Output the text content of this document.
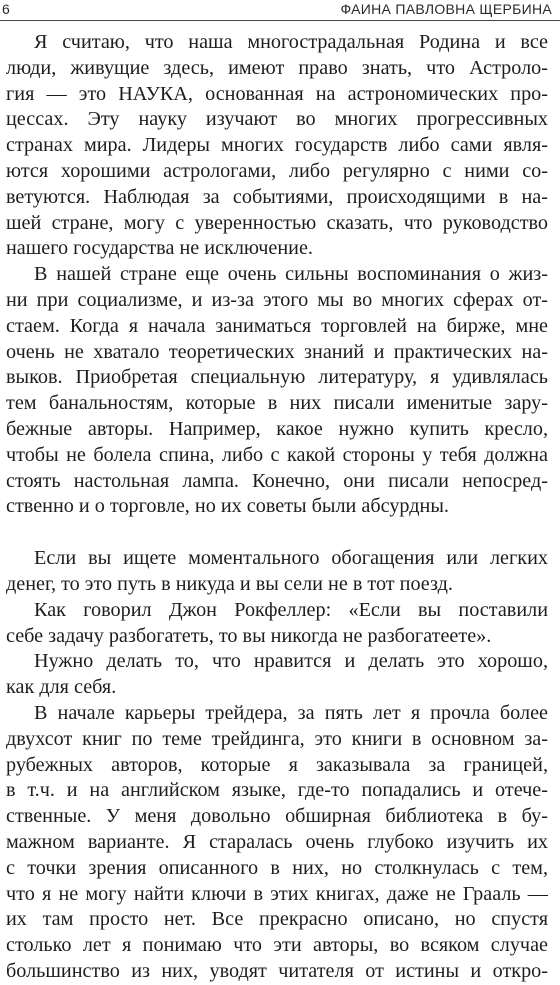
6	ФАИНА ПАВЛОВНА ЩЕРБИНА
Я считаю, что наша многострадальная Родина и все
люди, живущие здесь, имеют право знать, что Астроло-
гия — это НАУКА, основанная на астрономических про-
цессах. Эту науку изучают во многих прогрессивных
странах мира. Лидеры многих государств либо сами явля-
ются хорошими астрологами, либо регулярно с ними со-
ветуются. Наблюдая за событиями, происходящими в на-
шей стране, могу с уверенностью сказать, что руководство
нашего государства не исключение.
В нашей стране еще очень сильны воспоминания о жиз-
ни при социализме, и из-за этого мы во многих сферах от-
стаем. Когда я начала заниматься торговлей на бирже, мне
очень не хватало теоретических знаний и практических на-
выков. Приобретая специальную литературу, я удивлялась
тем банальностям, которые в них писали именитые зару-
бежные авторы. Например, какое нужно купить кресло,
чтобы не болела спина, либо с какой стороны у тебя должна
стоять настольная лампа. Конечно, они писали непосред-
ственно и о торговле, но их советы были абсурдны.
Если вы ищете моментального обогащения или легких
денег, то это путь в никуда и вы сели не в тот поезд.
Как говорил Джон Рокфеллер: «Если вы поставили
себе задачу разбогатеть, то вы никогда не разбогатеете».
Нужно делать то, что нравится и делать это хорошо,
как для себя.
В начале карьеры трейдера, за пять лет я прочла более
двухсот книг по теме трейдинга, это книги в основном за-
рубежных авторов, которые я заказывала за границей,
в т.ч. и на английском языке, где-то попадались и отече-
ственные. У меня довольно обширная библиотека в бу-
мажном варианте. Я старалась очень глубоко изучить их
с точки зрения описанного в них, но столкнулась с тем,
что я не могу найти ключи в этих книгах, даже не Грааль —
их там просто нет. Все прекрасно описано, но спустя
столько лет я понимаю что эти авторы, во всяком случае
большинство из них, уводят читателя от истины и откро-
